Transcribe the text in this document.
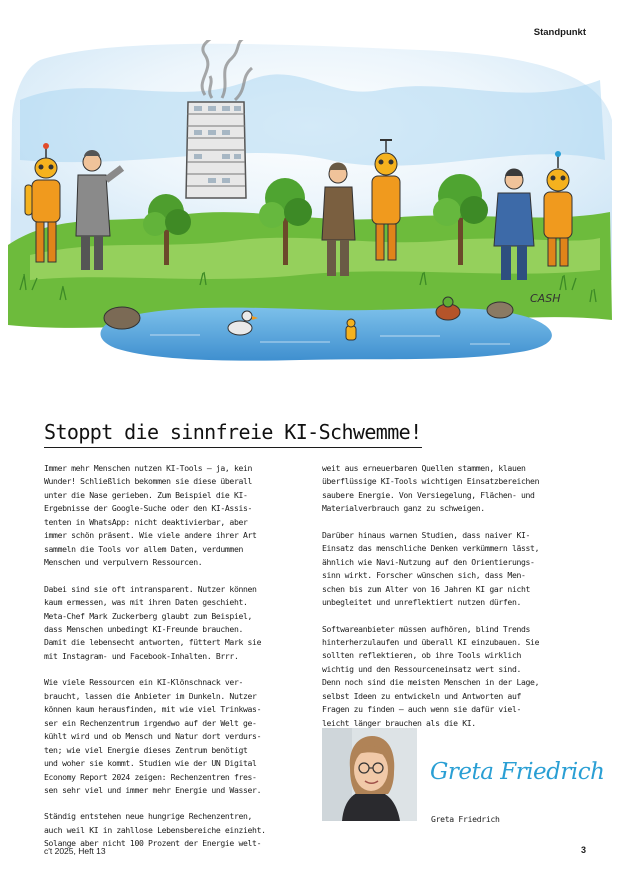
Standpunkt
CASH
Stoppt die sinnfreie KI-Schwemme!

Immer mehr Menschen nutzen KI-Tools – ja, kein
Wunder! Schließlich bekommen sie diese überall
unter die Nase gerieben. Zum Beispiel die KI-
Ergebnisse der Google-Suche oder den KI-Assis-
tenten in WhatsApp: nicht deaktivierbar, aber
immer schön präsent. Wie viele andere ihrer Art
sammeln die Tools vor allem Daten, verdummen
Menschen und verpulvern Ressourcen.

Dabei sind sie oft intransparent. Nutzer können
kaum ermessen, was mit ihren Daten geschieht.
Meta-Chef Mark Zuckerberg glaubt zum Beispiel,
dass Menschen unbedingt KI-Freunde brauchen.
Damit die lebensecht antworten, füttert Mark sie
mit Instagram- und Facebook-Inhalten. Brrr.

Wie viele Ressourcen ein KI-Klönschnack ver-
braucht, lassen die Anbieter im Dunkeln. Nutzer
können kaum herausfinden, mit wie viel Trinkwas-
ser ein Rechenzentrum irgendwo auf der Welt ge-
kühlt wird und ob Mensch und Natur dort verdurs-
ten; wie viel Energie dieses Zentrum benötigt
und woher sie kommt. Studien wie der UN Digital
Economy Report 2024 zeigen: Rechenzentren fres-
sen sehr viel und immer mehr Energie und Wasser.

Ständig entstehen neue hungrige Rechenzentren,
auch weil KI in zahllose Lebensbereiche einzieht.
Solange aber nicht 100 Prozent der Energie welt-

weit aus erneuerbaren Quellen stammen, klauen
überflüssige KI-Tools wichtigen Einsatzbereichen
saubere Energie. Von Versiegelung, Flächen- und
Materialverbrauch ganz zu schweigen.

Darüber hinaus warnen Studien, dass naiver KI-
Einsatz das menschliche Denken verkümmern lässt,
ähnlich wie Navi-Nutzung auf den Orientierungs-
sinn wirkt. Forscher wünschen sich, dass Men-
schen bis zum Alter von 16 Jahren KI gar nicht
unbegleitet und unreflektiert nutzen dürfen.

Softwareanbieter müssen aufhören, blind Trends
hinterherzulaufen und überall KI einzubauen. Sie
sollten reflektieren, ob ihre Tools wirklich
wichtig und den Ressourceneinsatz wert sind.
Denn noch sind die meisten Menschen in der Lage,
selbst Ideen zu entwickeln und Antworten auf
Fragen zu finden – auch wenn sie dafür viel-
leicht länger brauchen als die KI.

Greta Friedrich
Greta Friedrich
c't 2025, Heft 13	3
